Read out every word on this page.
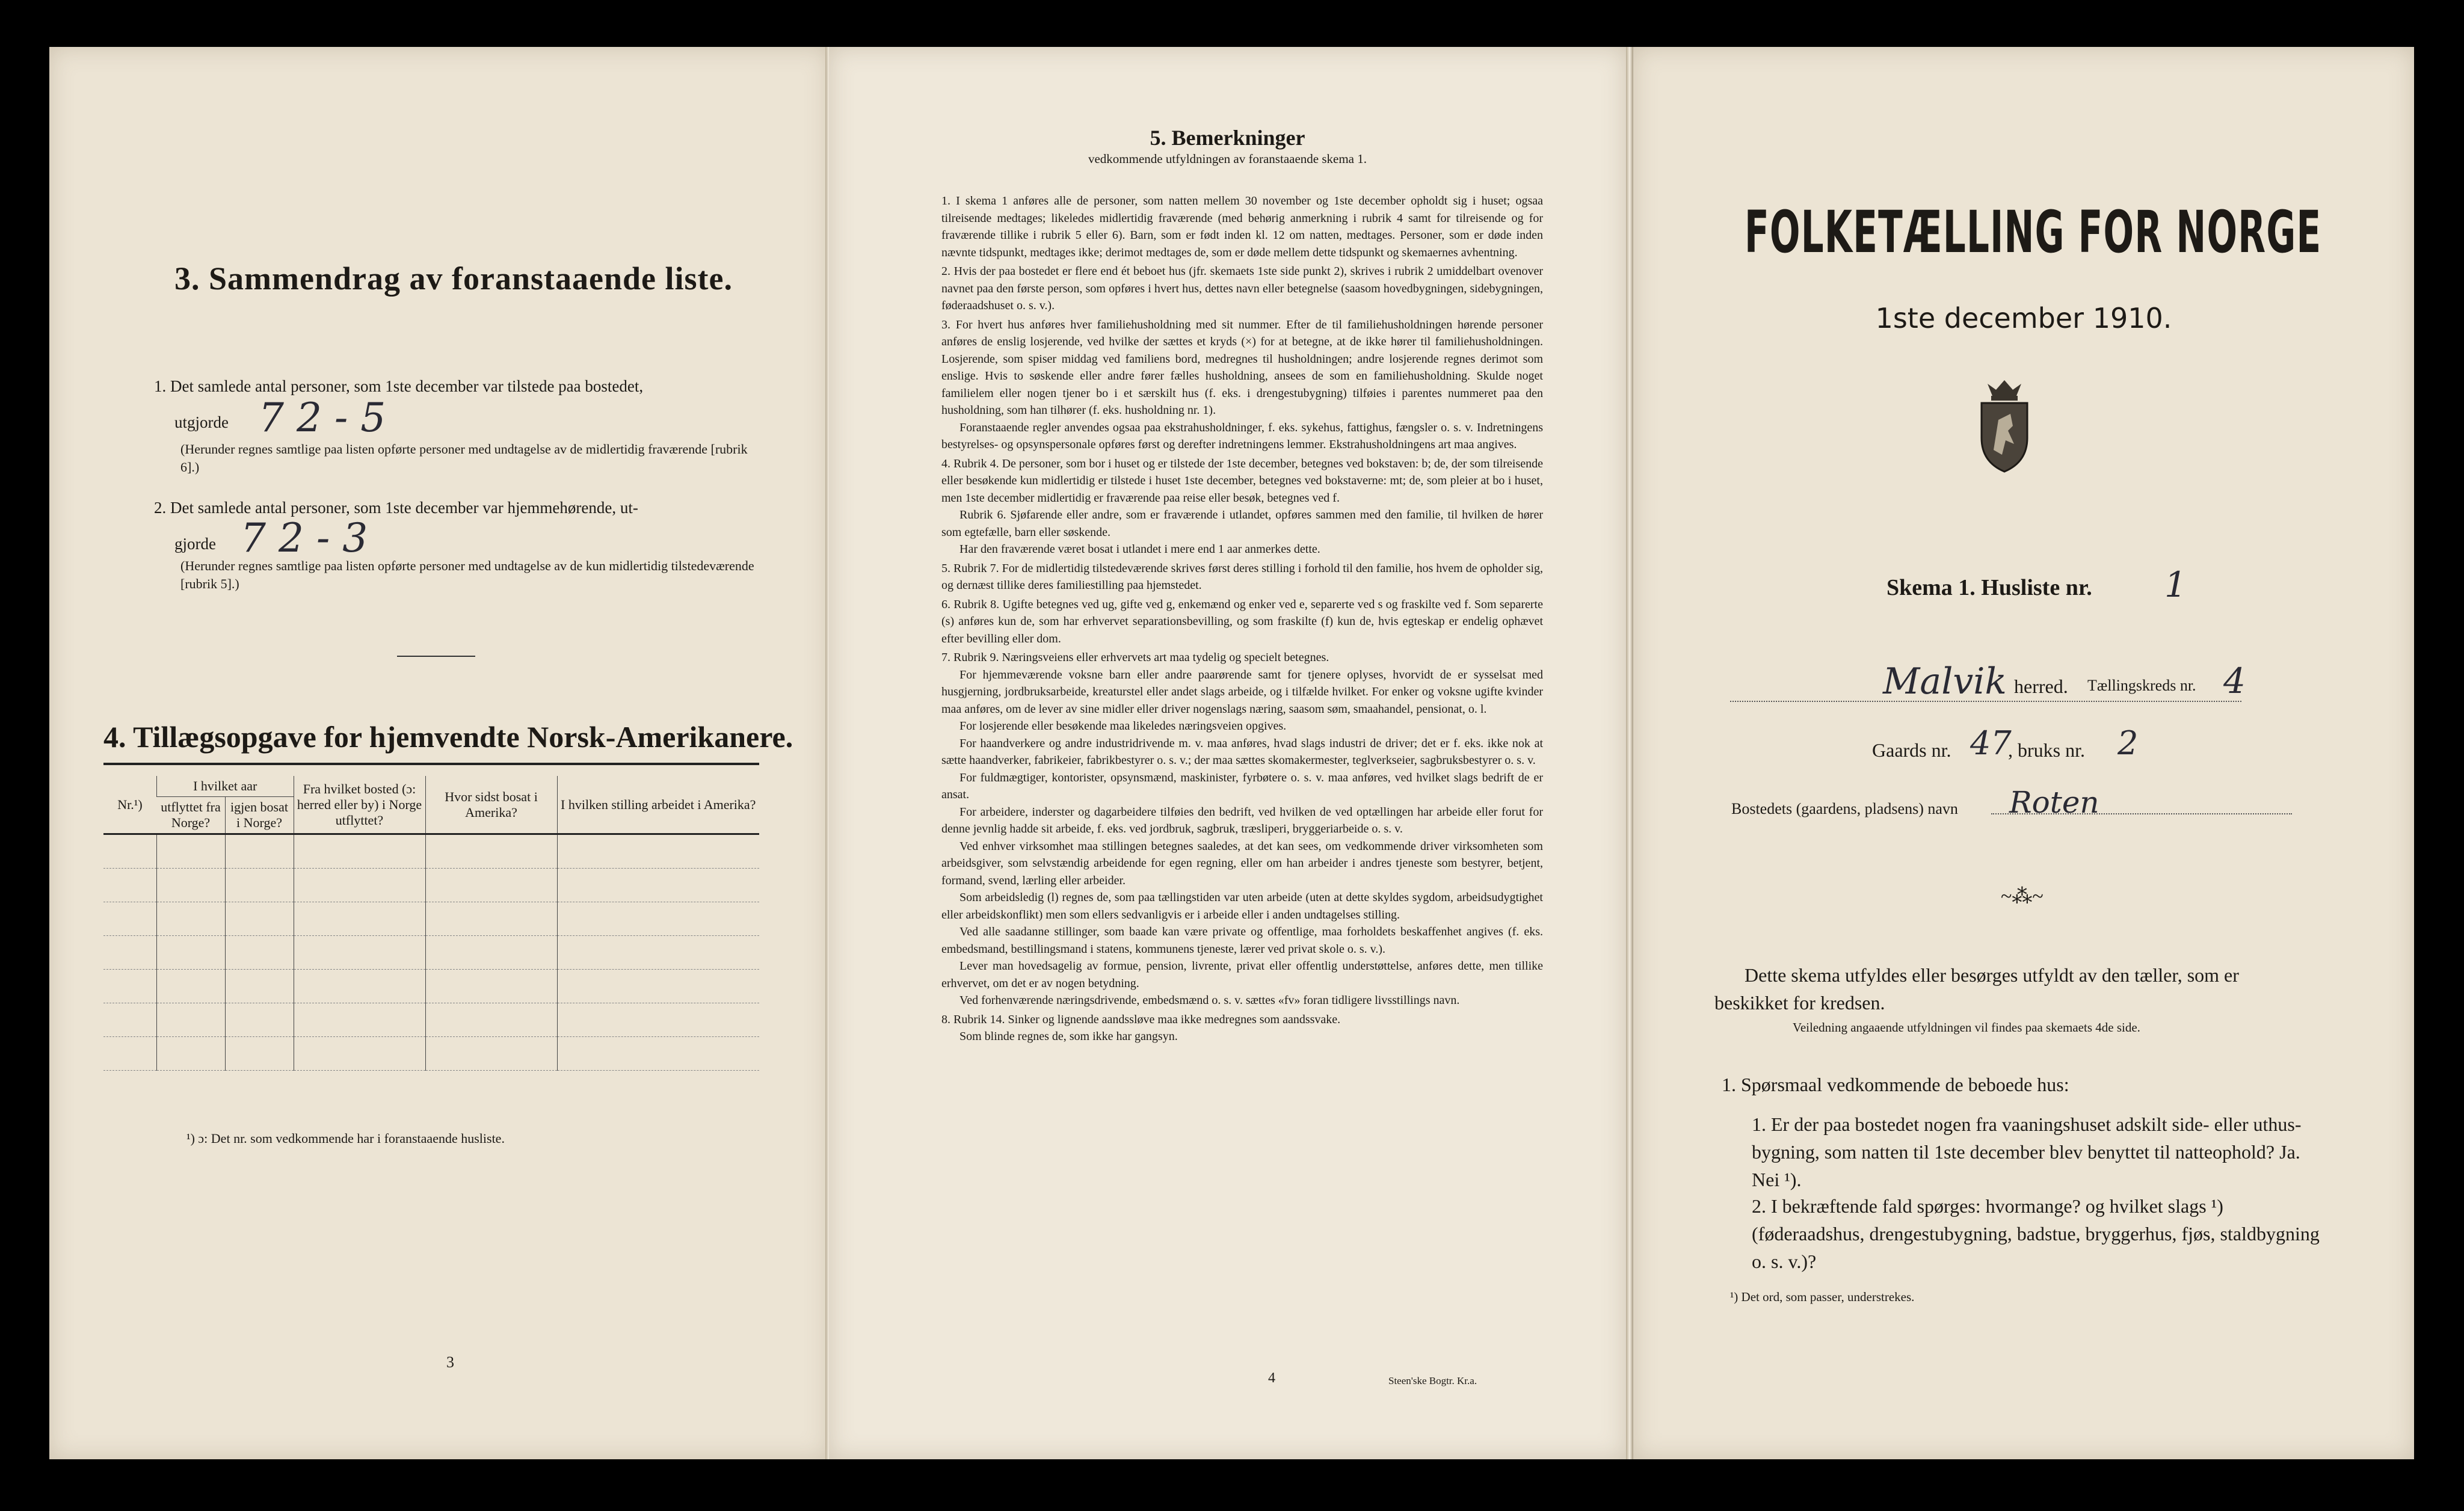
3. Sammendrag av foranstaaende liste.
1. Det samlede antal personer, som 1ste december var tilstede paa bostedet,
utgjorde 7 2 - 5
(Herunder regnes samtlige paa listen opførte personer med undtagelse av de midlertidig fraværende [rubrik 6].)
2. Det samlede antal personer, som 1ste december var hjemmehørende, ut-
gjorde 7 2 - 3
(Herunder regnes samtlige paa listen opførte personer med undtagelse av de kun midlertidig tilstedeværende [rubrik 5].)
4. Tillægsopgave for hjemvendte Norsk-Amerikanere.
Nr.¹)	I hvilket aar		Fra hvilket bosted (ɔ: herred eller by) i Norge utflyttet?	Hvor sidst bosat i Amerika?	I hvilken stilling arbeidet i Amerika?
	utflyttet fra Norge?	igjen bosat i Norge?			

¹) ɔ: Det nr. som vedkommende har i foranstaaende husliste.
3
5. Bemerkninger
vedkommende utfyldningen av foranstaaende skema 1.

1. I skema 1 anføres alle de personer, som natten mellem 30 november og 1ste december opholdt sig i huset; ogsaa tilreisende medtages; likeledes midlertidig fraværende (med behørig anmerkning i rubrik 4 samt for tilreisende og for fraværende tillike i rubrik 5 eller 6). Barn, som er født inden kl. 12 om natten, medtages. Personer, som er døde inden nævnte tidspunkt, medtages ikke; derimot medtages de, som er døde mellem dette tidspunkt og skemaernes avhentning.

2. Hvis der paa bostedet er flere end ét beboet hus (jfr. skemaets 1ste side punkt 2), skrives i rubrik 2 umiddelbart ovenover navnet paa den første person, som opføres i hvert hus, dettes navn eller betegnelse (saasom hovedbygningen, sidebygningen, føderaadshuset o. s. v.).

3. For hvert hus anføres hver familiehusholdning med sit nummer. Efter de til familiehusholdningen hørende personer anføres de enslig losjerende, ved hvilke der sættes et kryds (×) for at betegne, at de ikke hører til familiehusholdningen. Losjerende, som spiser middag ved familiens bord, medregnes til husholdningen; andre losjerende regnes derimot som enslige. Hvis to søskende eller andre fører fælles husholdning, ansees de som en familiehusholdning. Skulde noget familielem eller nogen tjener bo i et særskilt hus (f. eks. i drengestubygning) tilføies i parentes nummeret paa den husholdning, som han tilhører (f. eks. husholdning nr. 1).

Foranstaaende regler anvendes ogsaa paa ekstrahusholdninger, f. eks. sykehus, fattighus, fængsler o. s. v. Indretningens bestyrelses- og opsynspersonale opføres først og derefter indretningens lemmer. Ekstrahusholdningens art maa angives.

4. Rubrik 4. De personer, som bor i huset og er tilstede der 1ste december, betegnes ved bokstaven: b; de, der som tilreisende eller besøkende kun midlertidig er tilstede i huset 1ste december, betegnes ved bokstaverne: mt; de, som pleier at bo i huset, men 1ste december midlertidig er fraværende paa reise eller besøk, betegnes ved f.

Rubrik 6. Sjøfarende eller andre, som er fraværende i utlandet, opføres sammen med den familie, til hvilken de hører som egtefælle, barn eller søskende.

Har den fraværende været bosat i utlandet i mere end 1 aar anmerkes dette.

5. Rubrik 7. For de midlertidig tilstedeværende skrives først deres stilling i forhold til den familie, hos hvem de opholder sig, og dernæst tillike deres familiestilling paa hjemstedet.

6. Rubrik 8. Ugifte betegnes ved ug, gifte ved g, enkemænd og enker ved e, separerte ved s og fraskilte ved f. Som separerte (s) anføres kun de, som har erhvervet separationsbevilling, og som fraskilte (f) kun de, hvis egteskap er endelig ophævet efter bevilling eller dom.

7. Rubrik 9. Næringsveiens eller erhvervets art maa tydelig og specielt betegnes.

For hjemmeværende voksne barn eller andre paarørende samt for tjenere oplyses, hvorvidt de er sysselsat med husgjerning, jordbruksarbeide, kreaturstel eller andet slags arbeide, og i tilfælde hvilket. For enker og voksne ugifte kvinder maa anføres, om de lever av sine midler eller driver nogenslags næring, saasom søm, smaahandel, pensionat, o. l.

For losjerende eller besøkende maa likeledes næringsveien opgives.

For haandverkere og andre industridrivende m. v. maa anføres, hvad slags industri de driver; det er f. eks. ikke nok at sætte haandverker, fabrikeier, fabrikbestyrer o. s. v.; der maa sættes skomakermester, teglverkseier, sagbruksbestyrer o. s. v.

For fuldmægtiger, kontorister, opsynsmænd, maskinister, fyrbøtere o. s. v. maa anføres, ved hvilket slags bedrift de er ansat.

For arbeidere, inderster og dagarbeidere tilføies den bedrift, ved hvilken de ved optællingen har arbeide eller forut for denne jevnlig hadde sit arbeide, f. eks. ved jordbruk, sagbruk, træsliperi, bryggeriarbeide o. s. v.

Ved enhver virksomhet maa stillingen betegnes saaledes, at det kan sees, om vedkommende driver virksomheten som arbeidsgiver, som selvstændig arbeidende for egen regning, eller om han arbeider i andres tjeneste som bestyrer, betjent, formand, svend, lærling eller arbeider.

Som arbeidsledig (l) regnes de, som paa tællingstiden var uten arbeide (uten at dette skyldes sygdom, arbeidsudygtighet eller arbeidskonflikt) men som ellers sedvanligvis er i arbeide eller i anden undtagelses stilling.

Ved alle saadanne stillinger, som baade kan være private og offentlige, maa forholdets beskaffenhet angives (f. eks. embedsmand, bestillingsmand i statens, kommunens tjeneste, lærer ved privat skole o. s. v.).

Lever man hovedsagelig av formue, pension, livrente, privat eller offentlig understøttelse, anføres dette, men tillike erhvervet, om det er av nogen betydning.

Ved forhenværende næringsdrivende, embedsmænd o. s. v. sættes «fv» foran tidligere livsstillings navn.

8. Rubrik 14. Sinker og lignende aandssløve maa ikke medregnes som aandssvake.

Som blinde regnes de, som ikke har gangsyn.

4	Steen'ske Bogtr. Kr.a.
FOLKETÆLLING FOR NORGE
1ste december 1910.
Skema 1. Husliste nr. 1
Malvik herred. Tællingskreds nr. 4
Gaards nr. 47
, bruks nr. 2
Bostedets (gaardens, pladsens) navn Roten
~⁂~
Dette skema utfyldes eller besørges utfyldt av den tæller, som er beskikket for kredsen.
Veiledning angaaende utfyldningen vil findes paa skemaets 4de side.
1. Spørsmaal vedkommende de beboede hus:
1. Er der paa bostedet nogen fra vaaningshuset adskilt side- eller uthus-bygning, som natten til 1ste december blev benyttet til natteophold? Ja. Nei ¹).
2. I bekræftende fald spørges: hvormange? og hvilket slags ¹) (føderaadshus, drengestubygning, badstue, bryggerhus, fjøs, staldbygning o. s. v.)?
¹) Det ord, som passer, understrekes.
